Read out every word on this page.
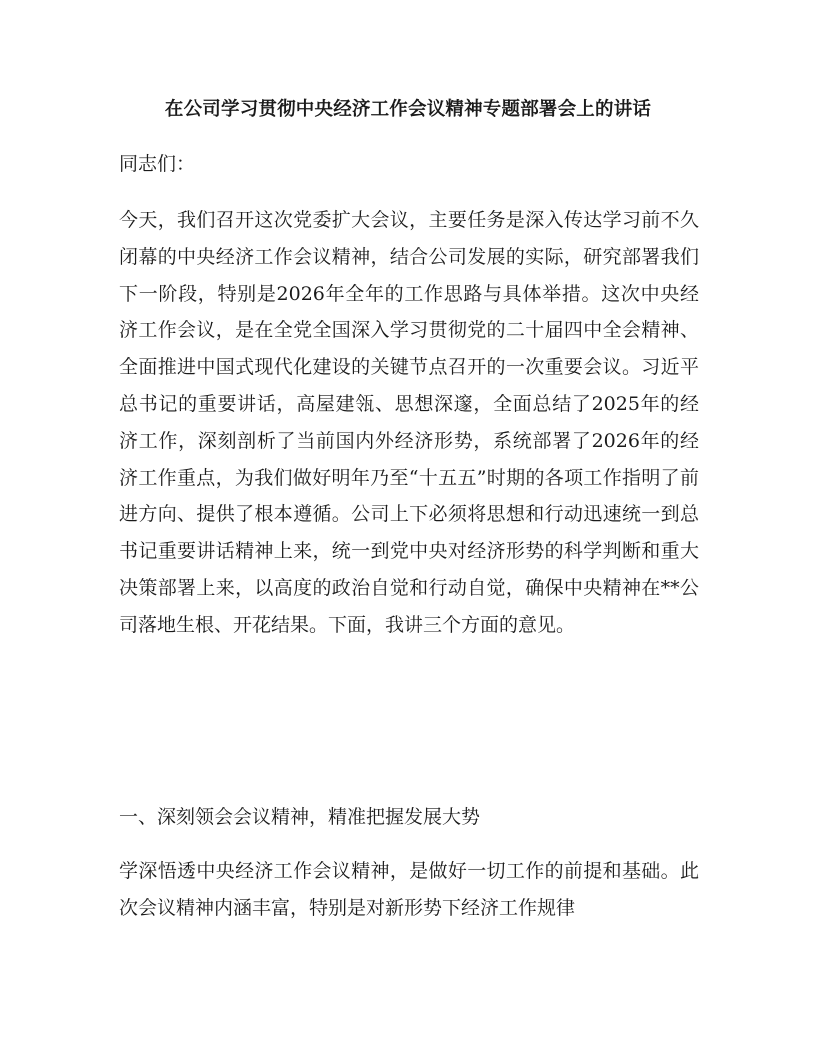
在公司学习贯彻中央经济工作会议精神专题部署会上的讲话
同志们：

今天，我们召开这次党委扩大会议，主要任务是深入传达学习前不久闭幕的中央经济工作会议精神，结合公司发展的实际，研究部署我们下一阶段，特别是2026年全年的工作思路与具体举措。这次中央经济工作会议，是在全党全国深入学习贯彻党的二十届四中全会精神、全面推进中国式现代化建设的关键节点召开的一次重要会议。习近平总书记的重要讲话，高屋建瓴、思想深邃，全面总结了2025年的经济工作，深刻剖析了当前国内外经济形势，系统部署了2026年的经济工作重点，为我们做好明年乃至“十五五”时期的各项工作指明了前进方向、提供了根本遵循。公司上下必须将思想和行动迅速统一到总书记重要讲话精神上来，统一到党中央对经济形势的科学判断和重大决策部署上来，以高度的政治自觉和行动自觉，确保中央精神在**公司落地生根、开花结果。下面，我讲三个方面的意见。

一、深刻领会会议精神，精准把握发展大势

学深悟透中央经济工作会议精神，是做好一切工作的前提和基础。此次会议精神内涵丰富，特别是对新形势下经济工作规律
